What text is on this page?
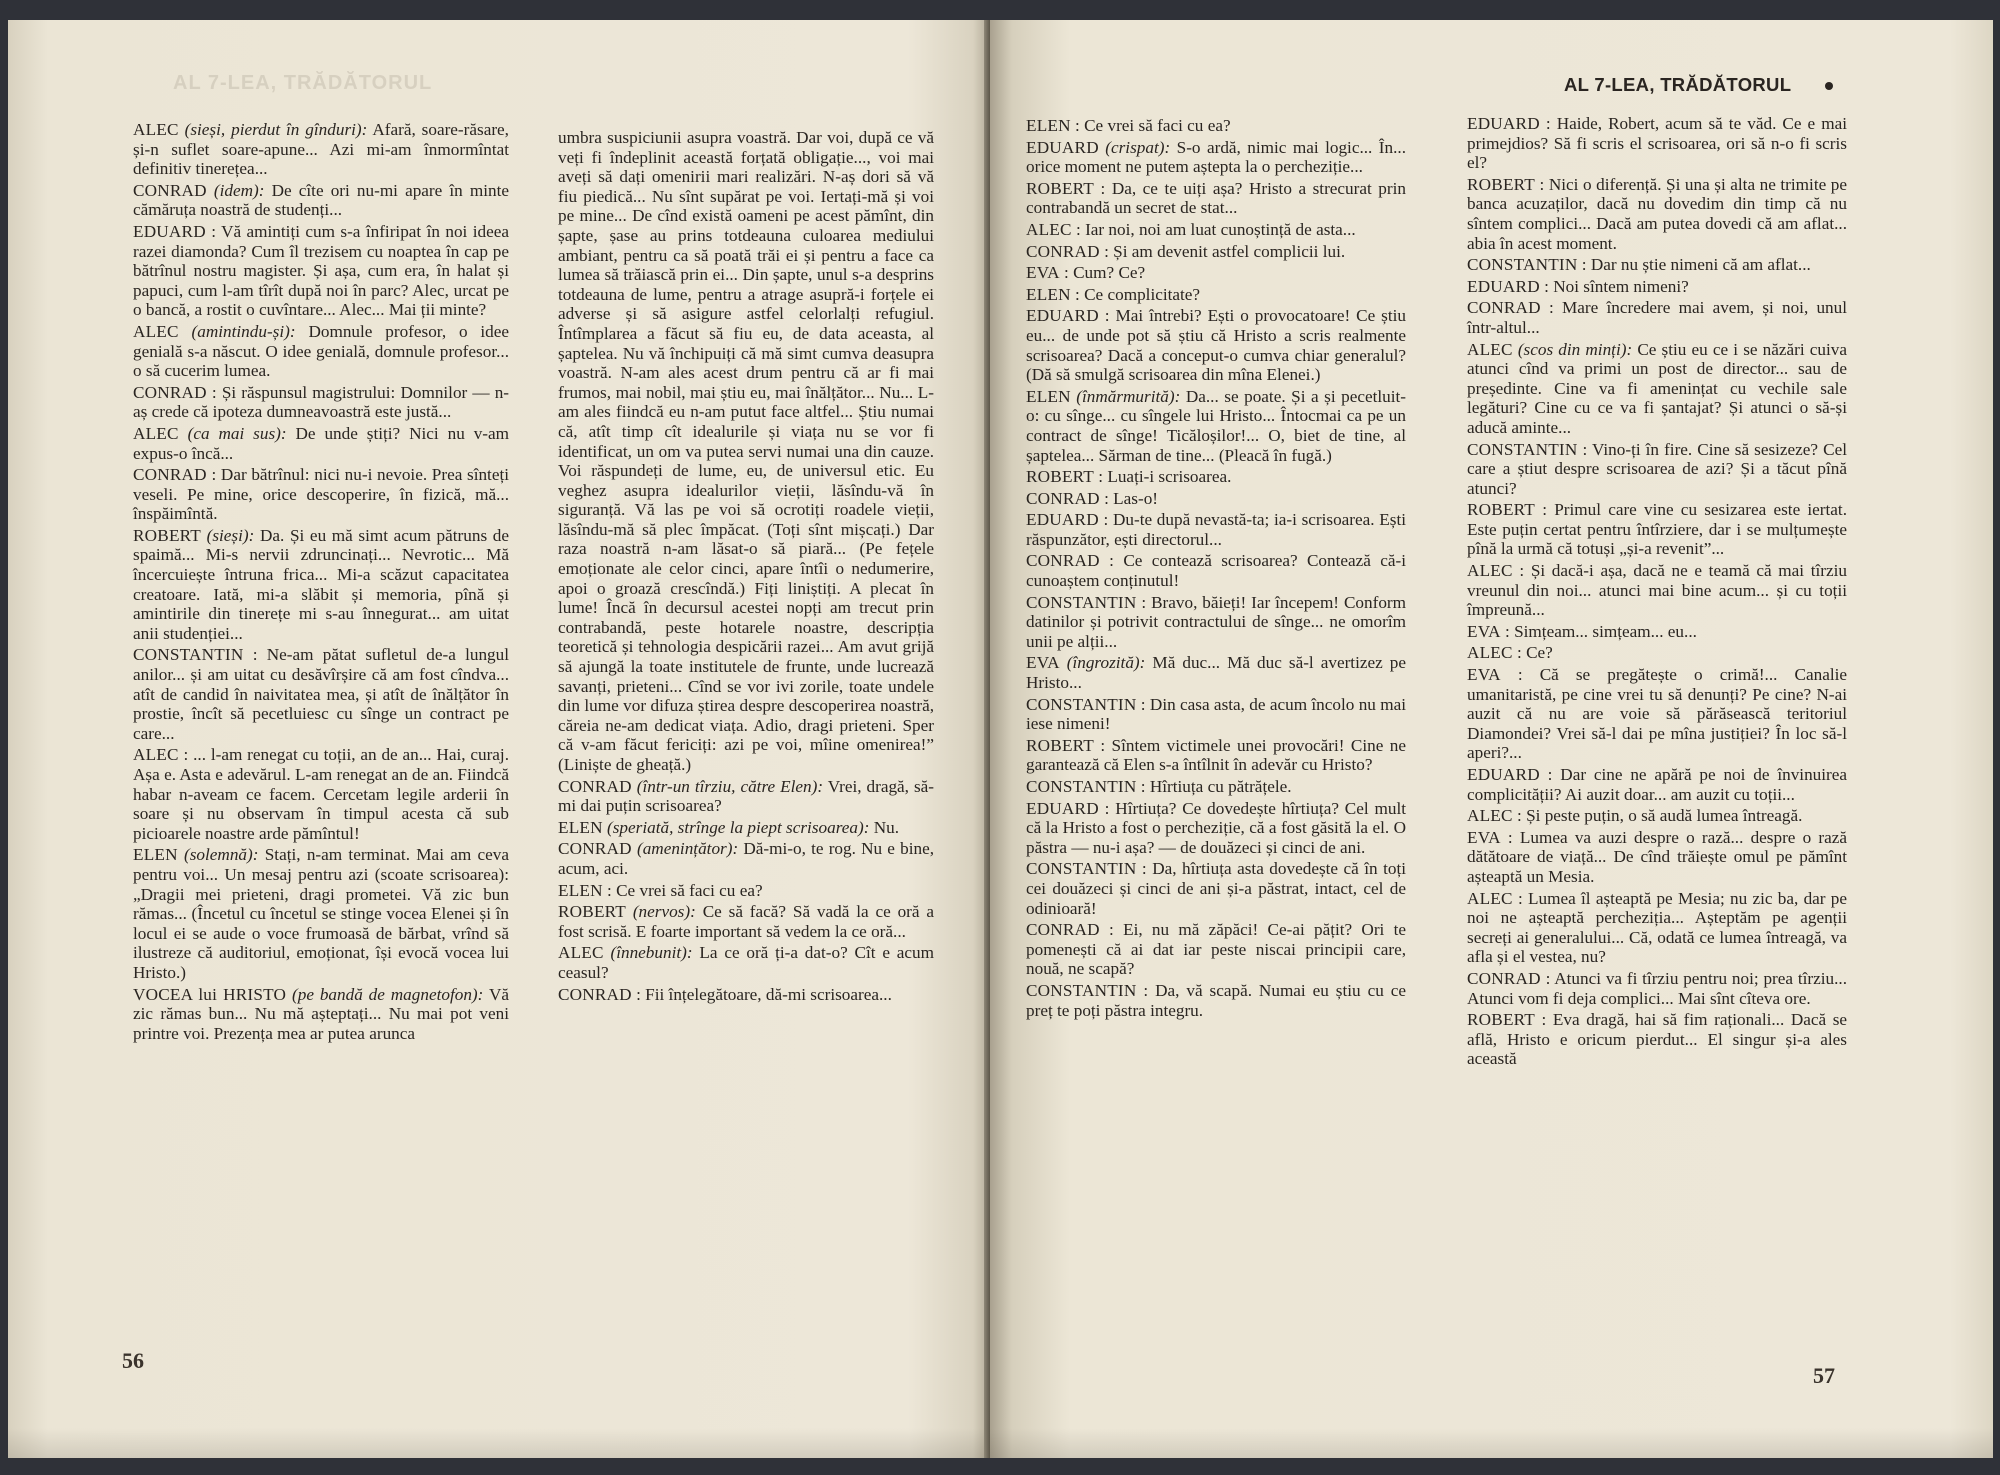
AL 7-LEA, TRĂDĂTORUL

ALEC (sieși, pierdut în gînduri): Afară, soare-răsare, și-n suflet soare-apune... Azi mi-am înmormîntat definitiv tinerețea...

CONRAD (idem): De cîte ori nu-mi apare în minte cămăruța noastră de studenți...

EDUARD : Vă amintiți cum s-a înfiripat în noi ideea razei diamonda? Cum îl trezisem cu noaptea în cap pe bătrînul nostru magister. Și așa, cum era, în halat și papuci, cum l-am tîrît după noi în parc? Alec, urcat pe o bancă, a rostit o cuvîntare... Alec... Mai ții minte?

ALEC (amintindu-și): Domnule profesor, o idee genială s-a născut. O idee genială, domnule profesor... o să cucerim lumea.

CONRAD : Și răspunsul magistrului: Domnilor — n-aș crede că ipoteza dumneavoastră este justă...

ALEC (ca mai sus): De unde știți? Nici nu v-am expus-o încă...

CONRAD : Dar bătrînul: nici nu-i nevoie. Prea sînteți veseli. Pe mine, orice descoperire, în fizică, mă... înspăimîntă.

ROBERT (sieși): Da. Și eu mă simt acum pătruns de spaimă... Mi-s nervii zdruncinați... Nevrotic... Mă încercuiește întruna frica... Mi-a scăzut capacitatea creatoare. Iată, mi-a slăbit și memoria, pînă și amintirile din tinerețe mi s-au înnegurat... am uitat anii studenției...

CONSTANTIN : Ne-am pătat sufletul de-a lungul anilor... și am uitat cu desăvîrșire că am fost cîndva... atît de candid în naivitatea mea, și atît de înălțător în prostie, încît să pecetluiesc cu sînge un contract pe care...

ALEC : ... l-am renegat cu toții, an de an... Hai, curaj. Așa e. Asta e adevărul. L-am renegat an de an. Fiindcă habar n-aveam ce facem. Cercetam legile arderii în soare și nu observam în timpul acesta că sub picioarele noastre arde pămîntul!

ELEN (solemnă): Stați, n-am terminat. Mai am ceva pentru voi... Un mesaj pentru azi (scoate scrisoarea): „Dragii mei prieteni, dragi prometei. Vă zic bun rămas... (Încetul cu încetul se stinge vocea Elenei și în locul ei se aude o voce frumoasă de bărbat, vrînd să ilustreze că auditoriul, emoționat, își evocă vocea lui Hristo.)

VOCEA lui HRISTO (pe bandă de magnetofon): Vă zic rămas bun... Nu mă așteptați... Nu mai pot veni printre voi. Prezența mea ar putea arunca

umbra suspiciunii asupra voastră. Dar voi, după ce vă veți fi îndeplinit această forțată obligație..., voi mai aveți să dați omenirii mari realizări. N-aș dori să vă fiu piedică... Nu sînt supărat pe voi. Iertați-mă și voi pe mine... De cînd există oameni pe acest pămînt, din șapte, șase au prins totdeauna culoarea mediului ambiant, pentru ca să poată trăi ei și pentru a face ca lumea să trăiască prin ei... Din șapte, unul s-a desprins totdeauna de lume, pentru a atrage asupră-i forțele ei adverse și să asigure astfel celorlalți refugiul. Întîmplarea a făcut să fiu eu, de data aceasta, al șaptelea. Nu vă închipuiți că mă simt cumva deasupra voastră. N-am ales acest drum pentru că ar fi mai frumos, mai nobil, mai știu eu, mai înălțător... Nu... L-am ales fiindcă eu n-am putut face altfel... Știu numai că, atît timp cît idealurile și viața nu se vor fi identificat, un om va putea servi numai una din cauze. Voi răspundeți de lume, eu, de universul etic. Eu veghez asupra idealurilor vieții, lăsîndu-vă în siguranță. Vă las pe voi să ocrotiți roadele vieții, lăsîndu-mă să plec împăcat. (Toți sînt mișcați.) Dar raza noastră n-am lăsat-o să piară... (Pe fețele emoționate ale celor cinci, apare întîi o nedumerire, apoi o groază crescîndă.) Fiți liniștiți. A plecat în lume! Încă în decursul acestei nopți am trecut prin contrabandă, peste hotarele noastre, descripția teoretică și tehnologia despicării razei... Am avut grijă să ajungă la toate institutele de frunte, unde lucrează savanți, prieteni... Cînd se vor ivi zorile, toate undele din lume vor difuza știrea despre descoperirea noastră, căreia ne-am dedicat viața. Adio, dragi prieteni. Sper că v-am făcut fericiți: azi pe voi, mîine omenirea!” (Liniște de gheață.)

CONRAD (într-un tîrziu, către Elen): Vrei, dragă, să-mi dai puțin scrisoarea?

ELEN (speriată, strînge la piept scrisoarea): Nu.

CONRAD (amenințător): Dă-mi-o, te rog. Nu e bine, acum, aci.

ELEN : Ce vrei să faci cu ea?

ROBERT (nervos): Ce să facă? Să vadă la ce oră a fost scrisă. E foarte important să vedem la ce oră...

ALEC (înnebunit): La ce oră ți-a dat-o? Cît e acum ceasul?

CONRAD : Fii înțelegătoare, dă-mi scrisoarea...

56
AL 7-LEA, TRĂDĂTORUL

ELEN : Ce vrei să faci cu ea?

EDUARD (crispat): S-o ardă, nimic mai logic... În... orice moment ne putem aștepta la o percheziție...

ROBERT : Da, ce te uiți așa? Hristo a strecurat prin contrabandă un secret de stat...

ALEC : Iar noi, noi am luat cunoștință de asta...

CONRAD : Și am devenit astfel complicii lui.

EVA : Cum? Ce?

ELEN : Ce complicitate?

EDUARD : Mai întrebi? Ești o provocatoare! Ce știu eu... de unde pot să știu că Hristo a scris realmente scrisoarea? Dacă a conceput-o cumva chiar generalul? (Dă să smulgă scrisoarea din mîna Elenei.)

ELEN (înmărmurită): Da... se poate. Și a și pecetluit-o: cu sînge... cu sîngele lui Hristo... Întocmai ca pe un contract de sînge! Ticăloșilor!... O, biet de tine, al șaptelea... Sărman de tine... (Pleacă în fugă.)

ROBERT : Luați-i scrisoarea.

CONRAD : Las-o!

EDUARD : Du-te după nevastă-ta; ia-i scrisoarea. Ești răspunzător, ești directorul...

CONRAD : Ce contează scrisoarea? Contează că-i cunoaștem conținutul!

CONSTANTIN : Bravo, băieți! Iar începem! Conform datinilor și potrivit contractului de sînge... ne omorîm unii pe alții...

EVA (îngrozită): Mă duc... Mă duc să-l avertizez pe Hristo...

CONSTANTIN : Din casa asta, de acum încolo nu mai iese nimeni!

ROBERT : Sîntem victimele unei provocări! Cine ne garantează că Elen s-a întîlnit în adevăr cu Hristo?

CONSTANTIN : Hîrtiuța cu pătrățele.

EDUARD : Hîrtiuța? Ce dovedește hîrtiuța? Cel mult că la Hristo a fost o percheziție, că a fost găsită la el. O păstra — nu-i așa? — de douăzeci și cinci de ani.

CONSTANTIN : Da, hîrtiuța asta dovedește că în toți cei douăzeci și cinci de ani și-a păstrat, intact, cel de odinioară!

CONRAD : Ei, nu mă zăpăci! Ce-ai pățit? Ori te pomenești că ai dat iar peste niscai principii care, nouă, ne scapă?

CONSTANTIN : Da, vă scapă. Numai eu știu cu ce preț te poți păstra integru.

EDUARD : Haide, Robert, acum să te văd. Ce e mai primejdios? Să fi scris el scrisoarea, ori să n-o fi scris el?

ROBERT : Nici o diferență. Și una și alta ne trimite pe banca acuzaților, dacă nu dovedim din timp că nu sîntem complici... Dacă am putea dovedi că am aflat... abia în acest moment.

CONSTANTIN : Dar nu știe nimeni că am aflat...

EDUARD : Noi sîntem nimeni?

CONRAD : Mare încredere mai avem, și noi, unul într-altul...

ALEC (scos din minți): Ce știu eu ce i se năzări cuiva atunci cînd va primi un post de director... sau de președinte. Cine va fi amenințat cu vechile sale legături? Cine cu ce va fi șantajat? Și atunci o să-și aducă aminte...

CONSTANTIN : Vino-ți în fire. Cine să sesizeze? Cel care a știut despre scrisoarea de azi? Și a tăcut pînă atunci?

ROBERT : Primul care vine cu sesizarea este iertat. Este puțin certat pentru întîrziere, dar i se mulțumește pînă la urmă că totuși „și-a revenit”...

ALEC : Și dacă-i așa, dacă ne e teamă că mai tîrziu vreunul din noi... atunci mai bine acum... și cu toții împreună...

EVA : Simțeam... simțeam... eu...

ALEC : Ce?

EVA : Că se pregătește o crimă!... Canalie umanitaristă, pe cine vrei tu să denunți? Pe cine? N-ai auzit că nu are voie să părăsească teritoriul Diamondei? Vrei să-l dai pe mîna justiției? În loc să-l aperi?...

EDUARD : Dar cine ne apără pe noi de învinuirea complicității? Ai auzit doar... am auzit cu toții...

ALEC : Și peste puțin, o să audă lumea întreagă.

EVA : Lumea va auzi despre o rază... despre o rază dătătoare de viață... De cînd trăiește omul pe pămînt așteaptă un Mesia.

ALEC : Lumea îl așteaptă pe Mesia; nu zic ba, dar pe noi ne așteaptă percheziția... Așteptăm pe agenții secreți ai generalului... Că, odată ce lumea întreagă, va afla și el vestea, nu?

CONRAD : Atunci va fi tîrziu pentru noi; prea tîrziu... Atunci vom fi deja complici... Mai sînt cîteva ore.

ROBERT : Eva dragă, hai să fim raționali... Dacă se află, Hristo e oricum pierdut... El singur și-a ales această

57
